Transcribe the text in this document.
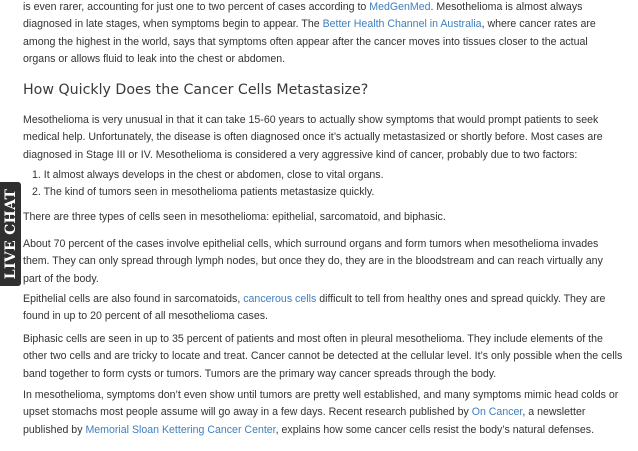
is even rarer, accounting for just one to two percent of cases according to MedGenMed. Mesothelioma is almost always diagnosed in late stages, when symptoms begin to appear. The Better Health Channel in Australia, where cancer rates are among the highest in the world, says that symptoms often appear after the cancer moves into tissues closer to the actual organs or allows fluid to leak into the chest or abdomen.

How Quickly Does the Cancer Cells Metastasize?

Mesothelioma is very unusual in that it can take 15-60 years to actually show symptoms that would prompt patients to seek medical help. Unfortunately, the disease is often diagnosed once it’s actually metastasized or shortly before. Most cases are diagnosed in Stage III or IV. Mesothelioma is considered a very aggressive kind of cancer, probably due to two factors:

1. It almost always develops in the chest or abdomen, close to vital organs.
2. The kind of tumors seen in mesothelioma patients metastasize quickly.

There are three types of cells seen in mesothelioma: epithelial, sarcomatoid, and biphasic.

About 70 percent of the cases involve epithelial cells, which surround organs and form tumors when mesothelioma invades them. They can only spread through lymph nodes, but once they do, they are in the bloodstream and can reach virtually any part of the body.

Epithelial cells are also found in sarcomatoids, cancerous cells difficult to tell from healthy ones and spread quickly. They are found in up to 20 percent of all mesothelioma cases.

Biphasic cells are seen in up to 35 percent of patients and most often in pleural mesothelioma. They include elements of the other two cells and are tricky to locate and treat. Cancer cannot be detected at the cellular level. It’s only possible when the cells band together to form cysts or tumors. Tumors are the primary way cancer spreads through the body.

In mesothelioma, symptoms don’t even show until tumors are pretty well established, and many symptoms mimic head colds or upset stomachs most people assume will go away in a few days. Recent research published by On Cancer, a newsletter published by Memorial Sloan Kettering Cancer Center, explains how some cancer cells resist the body’s natural defenses.

LIVE CHAT
